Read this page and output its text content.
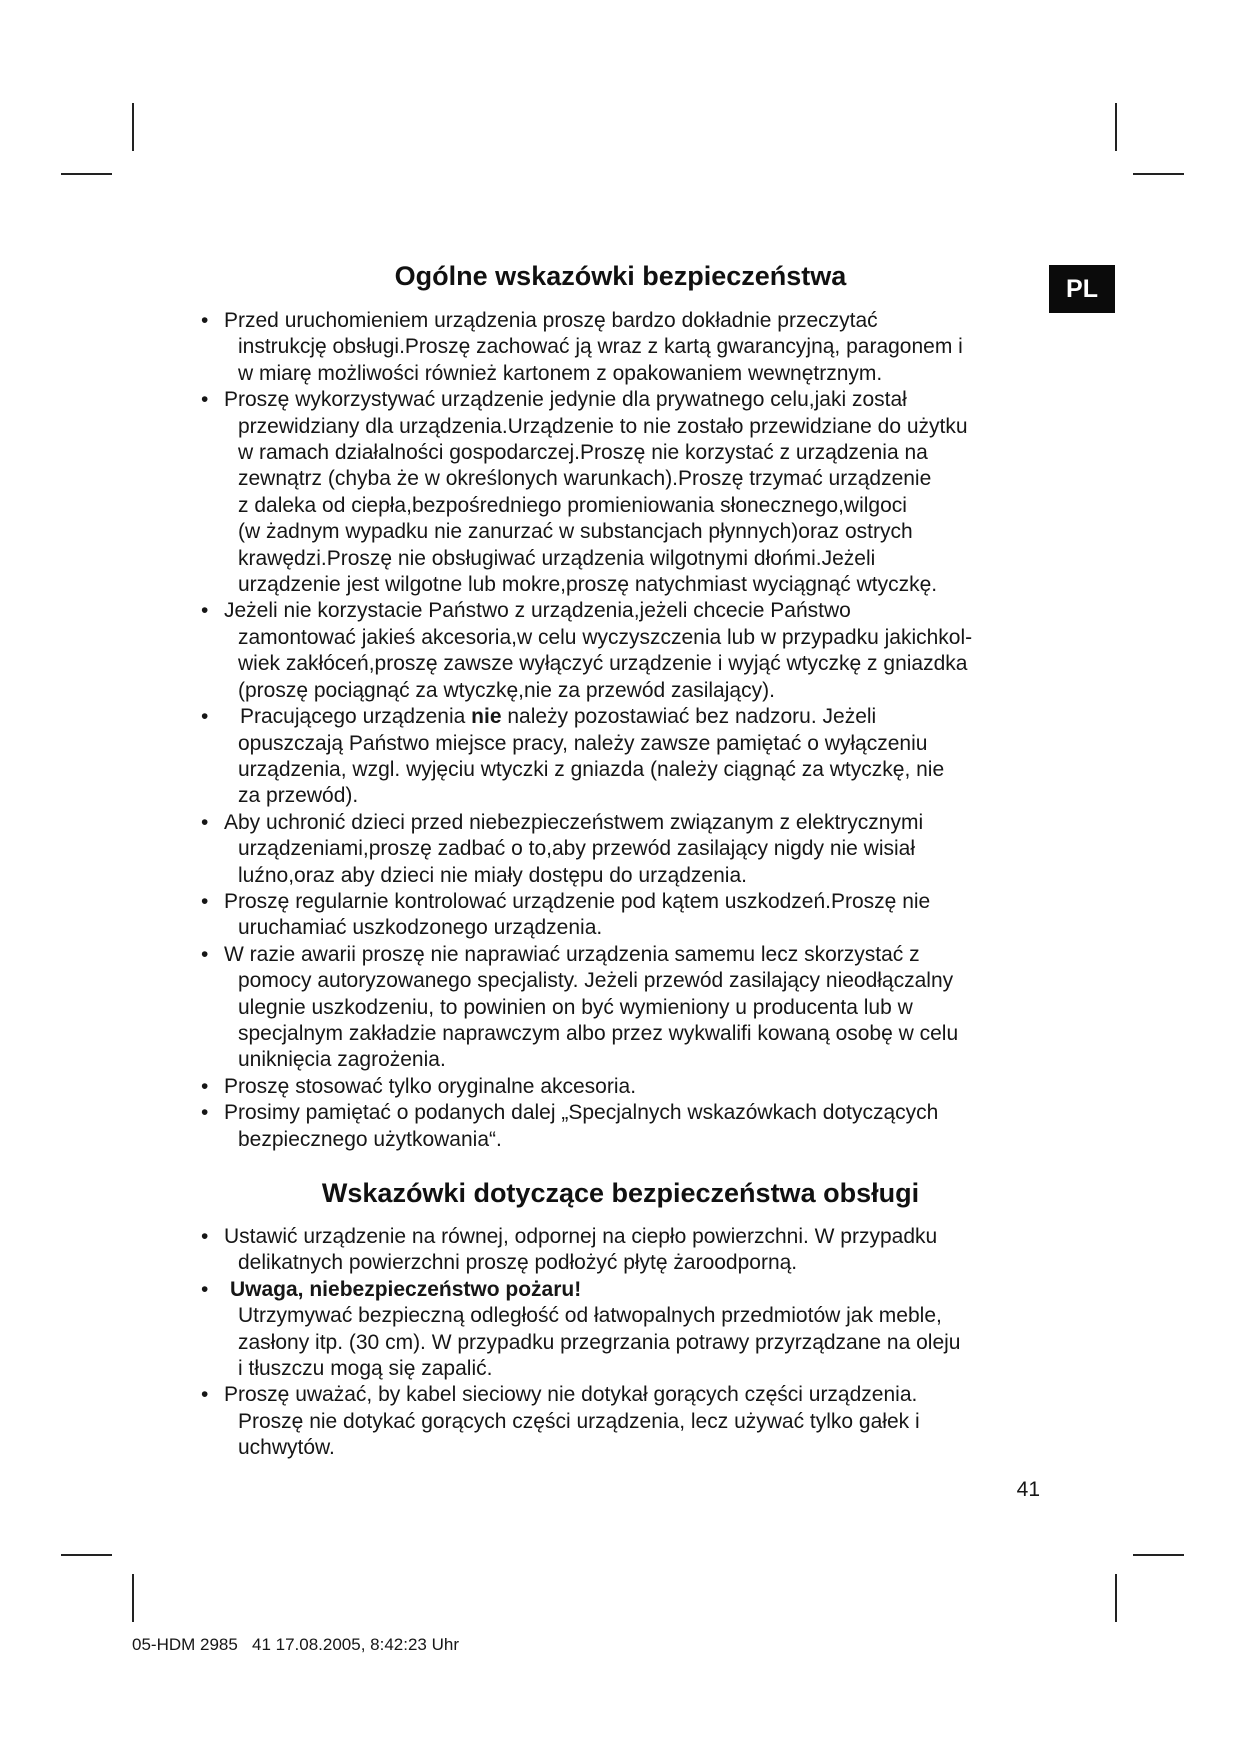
PL
Ogólne wskazówki bezpieczeństwa
• Przed uruchomieniem urządzenia proszę bardzo dokładnie przeczytać
instrukcję obsługi.Proszę zachować ją wraz z kartą gwarancyjną, paragonem i
w miarę możliwości również kartonem z opakowaniem wewnętrznym.
• Proszę wykorzystywać urządzenie jedynie dla prywatnego celu,jaki został
przewidziany dla urządzenia.Urządzenie to nie zostało przewidziane do użytku
w ramach działalności gospodarczej.Proszę nie korzystać z urządzenia na
zewnątrz (chyba że w określonych warunkach).Proszę trzymać urządzenie
z daleka od ciepła,bezpośredniego promieniowania słonecznego,wilgoci
(w żadnym wypadku nie zanurzać w substancjach płynnych)oraz ostrych
krawędzi.Proszę nie obsługiwać urządzenia wilgotnymi dłońmi.Jeżeli
urządzenie jest wilgotne lub mokre,proszę natychmiast wyciągnąć wtyczkę.
• Jeżeli nie korzystacie Państwo z urządzenia,jeżeli chcecie Państwo
zamontować jakieś akcesoria,w celu wyczyszczenia lub w przypadku jakichkol-
wiek zakłóceń,proszę zawsze wyłączyć urządzenie i wyjąć wtyczkę z gniazdka
(proszę pociągnąć za wtyczkę,nie za przewód zasilający).
•	Pracującego urządzenia nie należy pozostawiać bez nadzoru. Jeżeli
opuszczają Państwo miejsce pracy, należy zawsze pamiętać o wyłączeniu
urządzenia, wzgl. wyjęciu wtyczki z gniazda (należy ciągnąć za wtyczkę, nie
za przewód).
• Aby uchronić dzieci przed niebezpieczeństwem związanym z elektrycznymi
urządzeniami,proszę zadbać o to,aby przewód zasilający nigdy nie wisiał
luźno,oraz aby dzieci nie miały dostępu do urządzenia.
• Proszę regularnie kontrolować urządzenie pod kątem uszkodzeń.Proszę nie
uruchamiać uszkodzonego urządzenia.
• W razie awarii proszę nie naprawiać urządzenia samemu lecz skorzystać z
pomocy autoryzowanego specjalisty. Jeżeli przewód zasilający nieodłączalny
ulegnie uszkodzeniu, to powinien on być wymieniony u producenta lub w
specjalnym zakładzie naprawczym albo przez wykwalifi kowaną osobę w celu
uniknięcia zagrożenia.
• Proszę stosować tylko oryginalne akcesoria.
• Prosimy pamiętać o podanych dalej „Specjalnych wskazówkach dotyczących
bezpiecznego użytkowania“.
Wskazówki dotyczące bezpieczeństwa obsługi
• Ustawić urządzenie na równej, odpornej na ciepło powierzchni. W przypadku
delikatnych powierzchni proszę podłożyć płytę żaroodporną.
•	Uwaga, niebezpieczeństwo pożaru!
Utrzymywać bezpieczną odległość od łatwopalnych przedmiotów jak meble,
zasłony itp. (30 cm). W przypadku przegrzania potrawy przyrządzane na oleju
i tłuszczu mogą się zapalić.
• Proszę uważać, by kabel sieciowy nie dotykał gorących części urządzenia.
Proszę nie dotykać gorących części urządzenia, lecz używać tylko gałek i
uchwytów.
41
05-HDM 2985   41 17.08.2005, 8:42:23 Uhr
